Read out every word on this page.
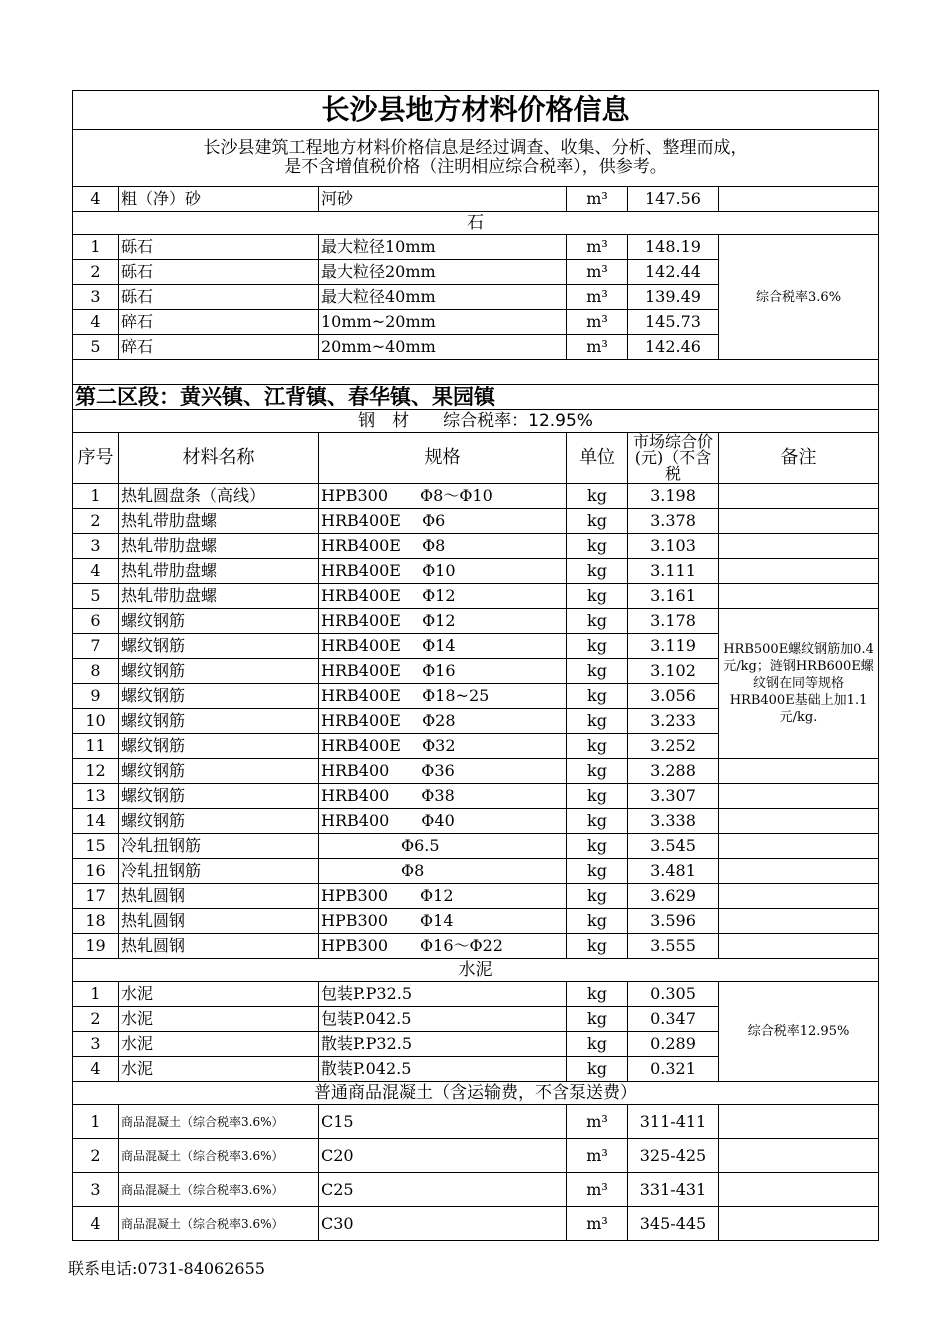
长沙县地方材料价格信息					

长沙县建筑工程地方材料价格信息是经过调查、收集、分析、整理而成，
是不含增值税价格（注明相应综合税率），供参考。					

4	粗（净）砂	河砂	m³	147.56	
石					
1	砾石	最大粒径10mm	m³	148.19	综合税率3.6%
2	砾石	最大粒径20mm	m³	142.44	
3	砾石	最大粒径40mm	m³	139.49	
4	碎石	10mm~20mm	m³	145.73	
5	碎石	20mm~40mm	m³	142.46	

第二区段：黄兴镇、江背镇、春华镇、果园镇					
钢　材　　综合税率：12.95%					
序号	材料名称	规格	单位	市场综合价(元)（不含税	备注
1	热轧圆盘条（高线）	HPB300　　Φ8～Φ10	kg	3.198	
2	热轧带肋盘螺	HRB400E　 Φ6	kg	3.378	
3	热轧带肋盘螺	HRB400E　 Φ8	kg	3.103	
4	热轧带肋盘螺	HRB400E　 Φ10	kg	3.111	
5	热轧带肋盘螺	HRB400E　 Φ12	kg	3.161	
6	螺纹钢筋	HRB400E　 Φ12	kg	3.178	HRB500E螺纹钢筋加0.4元/kg；涟钢HRB600E螺纹钢在同等规格HRB400E基础上加1.1元/kg.
7	螺纹钢筋	HRB400E　 Φ14	kg	3.119	
8	螺纹钢筋	HRB400E　 Φ16	kg	3.102	
9	螺纹钢筋	HRB400E　 Φ18~25	kg	3.056	
10	螺纹钢筋	HRB400E　 Φ28	kg	3.233	
11	螺纹钢筋	HRB400E　 Φ32	kg	3.252	
12	螺纹钢筋	HRB400　　Φ36	kg	3.288	
13	螺纹钢筋	HRB400　　Φ38	kg	3.307	
14	螺纹钢筋	HRB400　　Φ40	kg	3.338	
15	冷轧扭钢筋	　　　　　Φ6.5	kg	3.545	
16	冷轧扭钢筋	　　　　　Φ8	kg	3.481	
17	热轧圆钢	HPB300　　Φ12	kg	3.629	
18	热轧圆钢	HPB300　　Φ14	kg	3.596	
19	热轧圆钢	HPB300　　Φ16～Φ22	kg	3.555	
水泥					
1	水泥	包装P.P32.5	kg	0.305	综合税率12.95%
2	水泥	包装P.042.5	kg	0.347	
3	水泥	散装P.P32.5	kg	0.289	
4	水泥	散装P.042.5	kg	0.321	
普通商品混凝土（含运输费，不含泵送费）					
1	商品混凝土（综合税率3.6%）	C15	m³	311-411	
2	商品混凝土（综合税率3.6%）	C20	m³	325-425	
3	商品混凝土（综合税率3.6%）	C25	m³	331-431	
4	商品混凝土（综合税率3.6%）	C30	m³	345-445	
联系电话:0731-84062655
